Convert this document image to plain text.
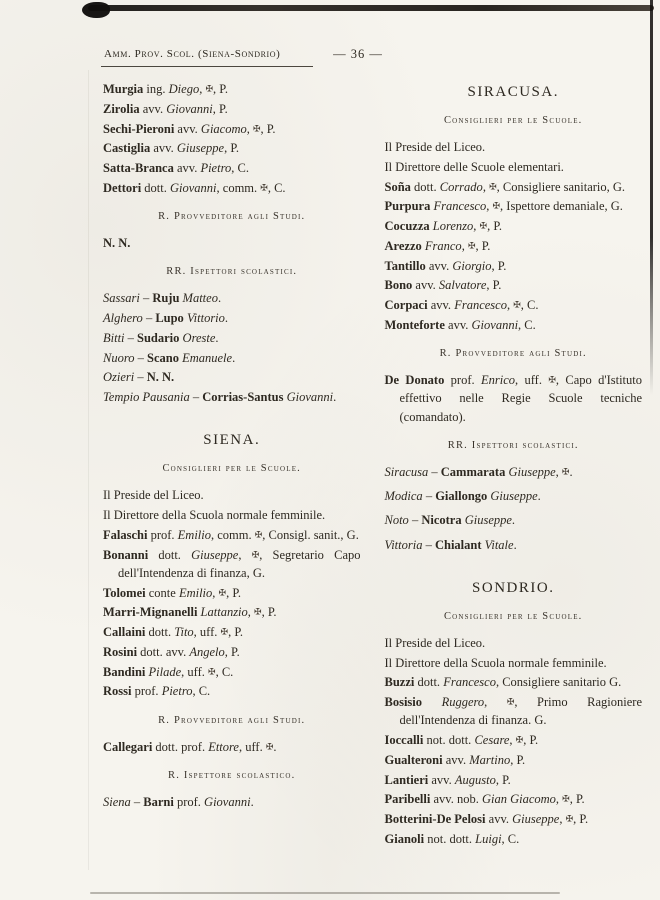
Amm. Prov. Scol. (Siena-Sondrio)	— 36 —

Murgia ing. Diego, ✠, P.

Zirolia avv. Giovanni, P.

Sechi-Pieroni avv. Giacomo, ✠, P.

Castiglia avv. Giuseppe, P.

Satta-Branca avv. Pietro, C.

Dettori dott. Giovanni, comm. ✠, C.

R. Provveditore agli Studi.

N. N.

RR. Ispettori scolastici.

Sassari – Ruju Matteo.

Alghero – Lupo Vittorio.

Bitti – Sudario Oreste.

Nuoro – Scano Emanuele.

Ozieri – N. N.

Tempio Pausania – Corrias-Santus Giovanni.

SIENA.
Consiglieri per le Scuole.

Il Preside del Liceo.

Il Direttore della Scuola normale femminile.

Falaschi prof. Emilio, comm. ✠, Consigl. sanit., G.

Bonanni dott. Giuseppe, ✠, Segretario Capo dell'Intendenza di finanza, G.

Tolomei conte Emilio, ✠, P.

Marri-Mignanelli Lattanzio, ✠, P.

Callaini dott. Tito, uff. ✠, P.

Rosini dott. avv. Angelo, P.

Bandini Pilade, uff. ✠, C.

Rossi prof. Pietro, C.

R. Provveditore agli Studi.

Callegari dott. prof. Ettore, uff. ✠.

R. Ispettore scolastico.

Siena – Barni prof. Giovanni.

SIRACUSA.
Consiglieri per le Scuole.

Il Preside del Liceo.

Il Direttore delle Scuole elementari.

Soña dott. Corrado, ✠, Consigliere sanitario, G.

Purpura Francesco, ✠, Ispettore demaniale, G.

Cocuzza Lorenzo, ✠, P.

Arezzo Franco, ✠, P.

Tantillo avv. Giorgio, P.

Bono avv. Salvatore, P.

Corpaci avv. Francesco, ✠, C.

Monteforte avv. Giovanni, C.

R. Provveditore agli Studi.

De Donato prof. Enrico, uff. ✠, Capo d'Istituto effettivo nelle Regie Scuole tecniche (comandato).

RR. Ispettori scolastici.

Siracusa – Cammarata Giuseppe, ✠.

Modica – Giallongo Giuseppe.

Noto – Nicotra Giuseppe.

Vittoria – Chialant Vitale.

SONDRIO.
Consiglieri per le Scuole.

Il Preside del Liceo.

Il Direttore della Scuola normale femminile.

Buzzi dott. Francesco, Consigliere sanitario G.

Bosisio Ruggero, ✠, Primo Ragioniere dell'Intendenza di finanza. G.

Ioccalli not. dott. Cesare, ✠, P.

Gualteroni avv. Martino, P.

Lantieri avv. Augusto, P.

Paribelli avv. nob. Gian Giacomo, ✠, P.

Botterini-De Pelosi avv. Giuseppe, ✠, P.

Gianoli not. dott. Luigi, C.
